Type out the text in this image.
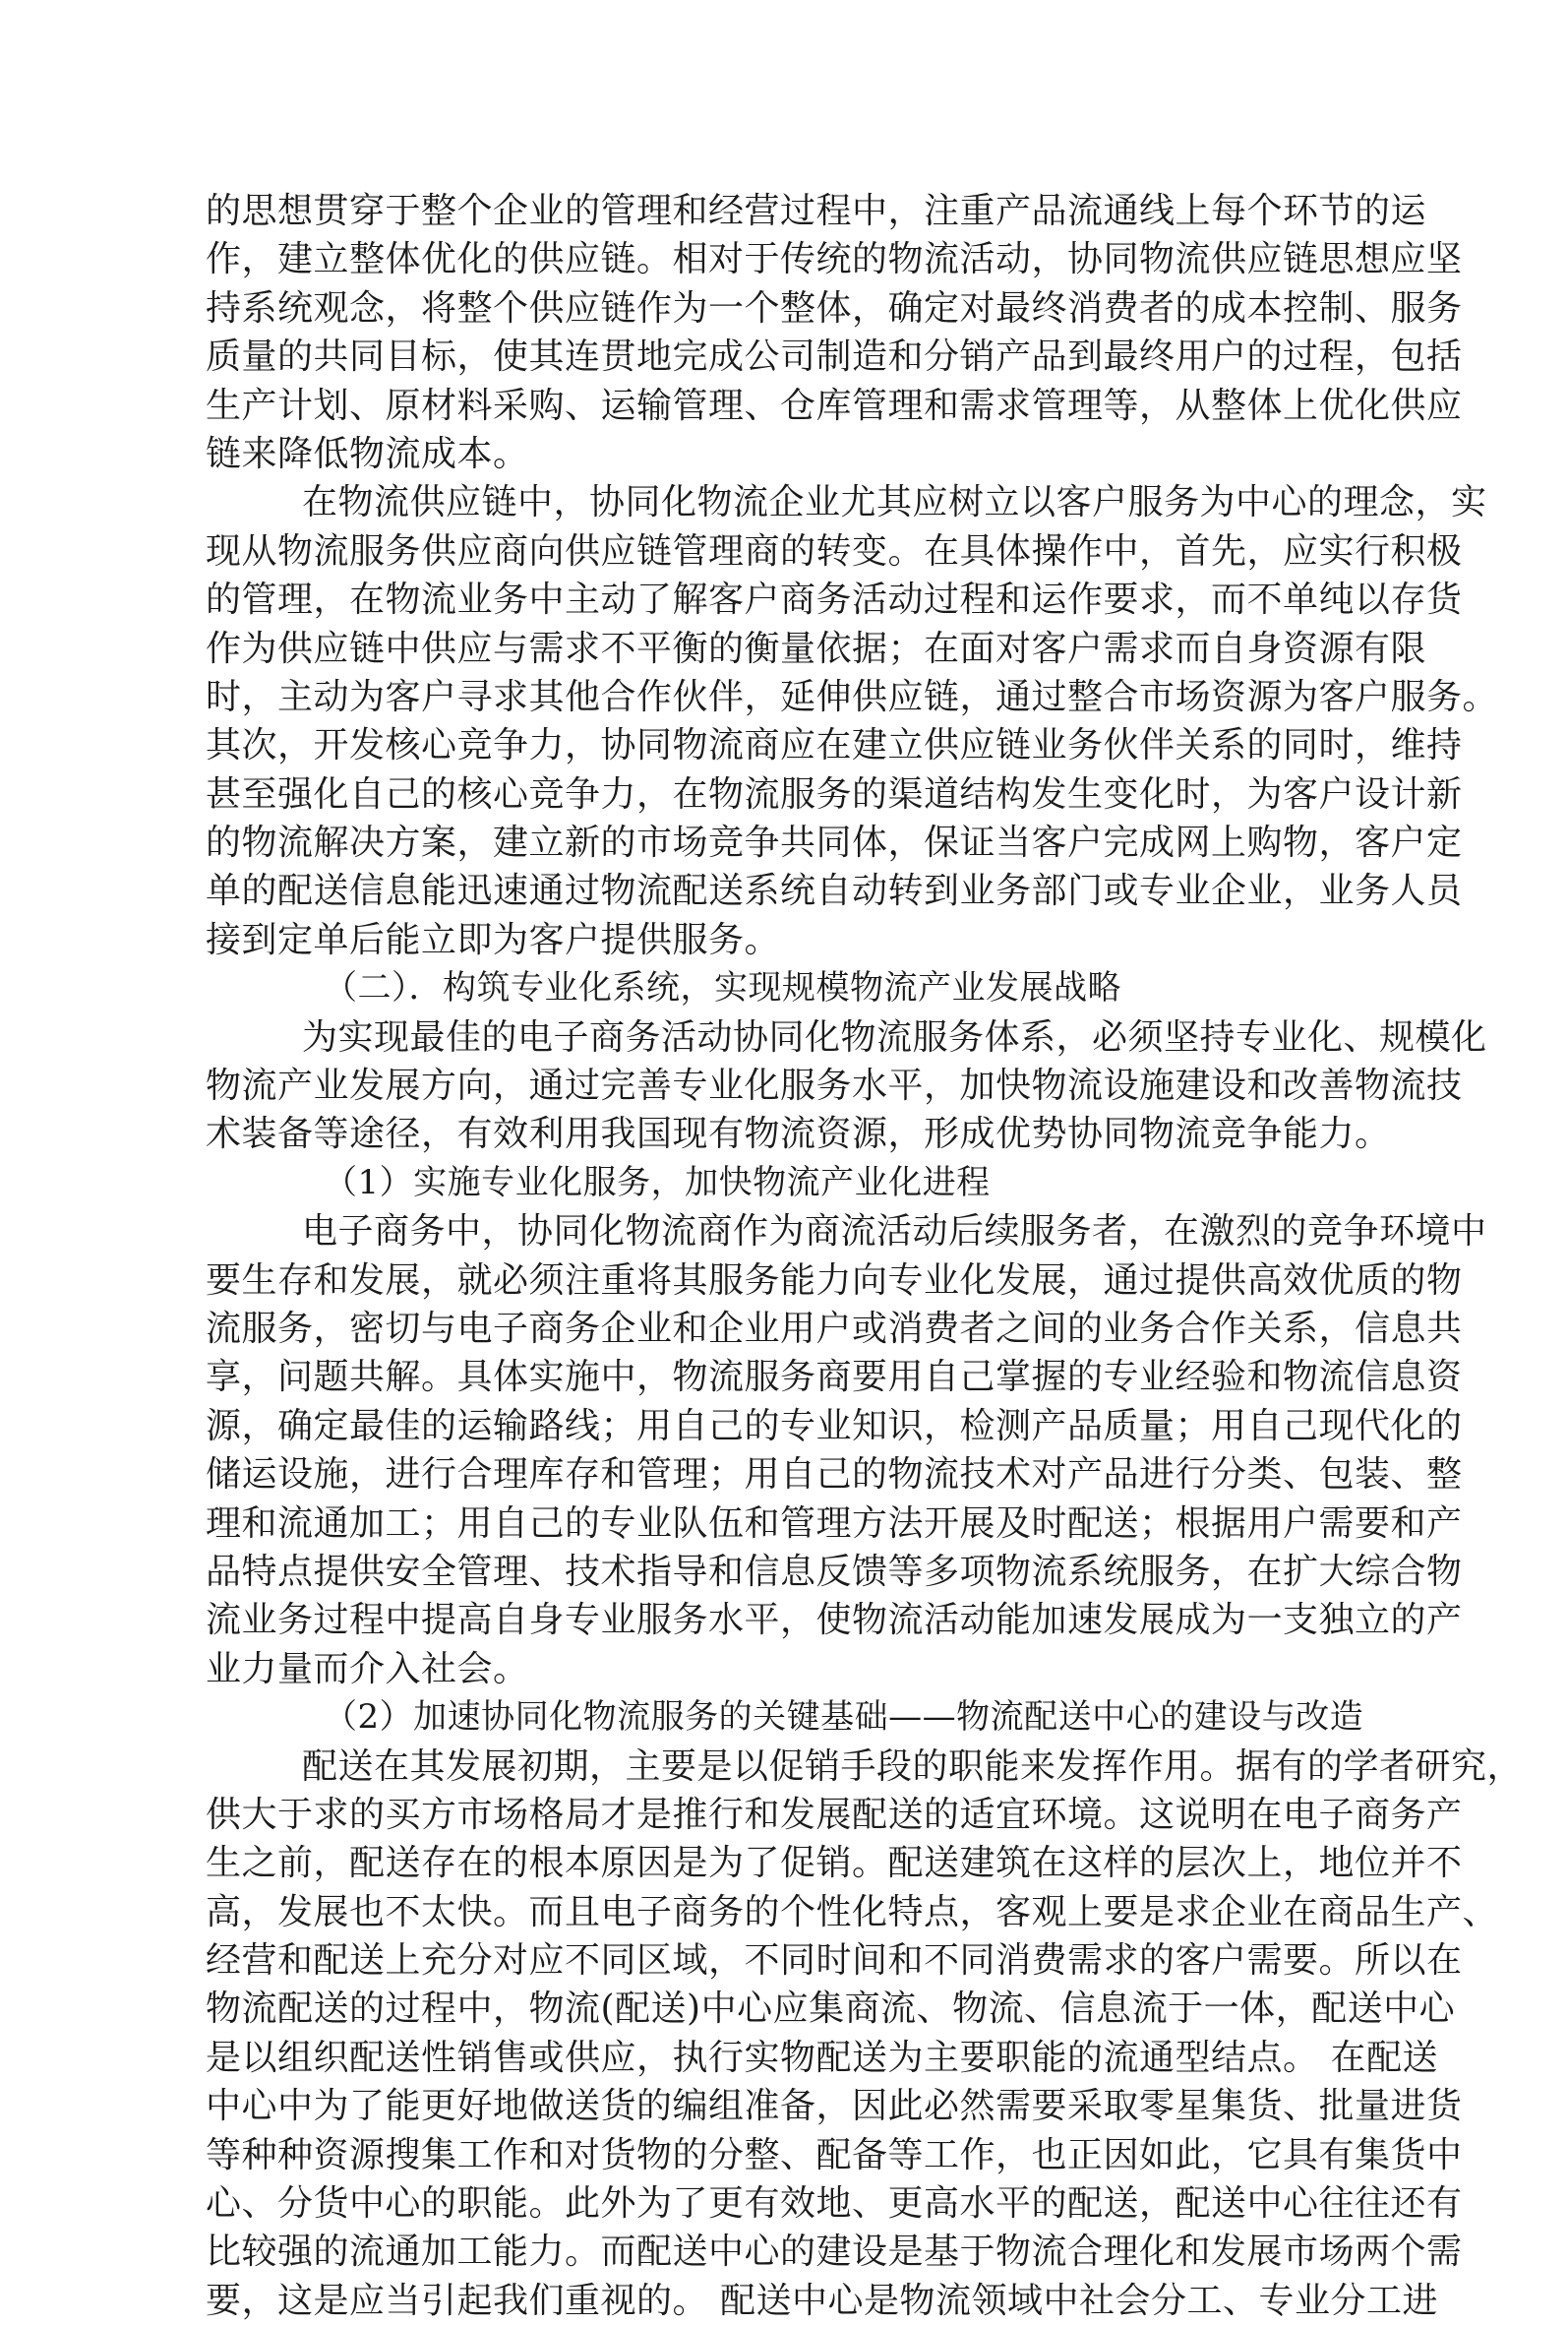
的思想贯穿于整个企业的管理和经营过程中，注重产品流通线上每个环节的运
作，建立整体优化的供应链。相对于传统的物流活动，协同物流供应链思想应坚
持系统观念，将整个供应链作为一个整体，确定对最终消费者的成本控制、服务
质量的共同目标，使其连贯地完成公司制造和分销产品到最终用户的过程，包括
生产计划、原材料采购、运输管理、仓库管理和需求管理等，从整体上优化供应
链来降低物流成本。
在物流供应链中，协同化物流企业尤其应树立以客户服务为中心的理念，实
现从物流服务供应商向供应链管理商的转变。在具体操作中，首先，应实行积极
的管理，在物流业务中主动了解客户商务活动过程和运作要求，而不单纯以存货
作为供应链中供应与需求不平衡的衡量依据；在面对客户需求而自身资源有限
时，主动为客户寻求其他合作伙伴，延伸供应链，通过整合市场资源为客户服务。
其次，开发核心竞争力，协同物流商应在建立供应链业务伙伴关系的同时，维持
甚至强化自己的核心竞争力，在物流服务的渠道结构发生变化时，为客户设计新
的物流解决方案，建立新的市场竞争共同体，保证当客户完成网上购物，客户定
单的配送信息能迅速通过物流配送系统自动转到业务部门或专业企业，业务人员
接到定单后能立即为客户提供服务。
（二）．构筑专业化系统，实现规模物流产业发展战略
为实现最佳的电子商务活动协同化物流服务体系，必须坚持专业化、规模化
物流产业发展方向，通过完善专业化服务水平，加快物流设施建设和改善物流技
术装备等途径，有效利用我国现有物流资源，形成优势协同物流竞争能力。
（1）实施专业化服务，加快物流产业化进程
电子商务中，协同化物流商作为商流活动后续服务者，在激烈的竞争环境中
要生存和发展，就必须注重将其服务能力向专业化发展，通过提供高效优质的物
流服务，密切与电子商务企业和企业用户或消费者之间的业务合作关系，信息共
享，问题共解。具体实施中，物流服务商要用自己掌握的专业经验和物流信息资
源，确定最佳的运输路线；用自己的专业知识，检测产品质量；用自己现代化的
储运设施，进行合理库存和管理；用自己的物流技术对产品进行分类、包装、整
理和流通加工；用自己的专业队伍和管理方法开展及时配送；根据用户需要和产
品特点提供安全管理、技术指导和信息反馈等多项物流系统服务，在扩大综合物
流业务过程中提高自身专业服务水平，使物流活动能加速发展成为一支独立的产
业力量而介入社会。
（2）加速协同化物流服务的关键基础——物流配送中心的建设与改造
配送在其发展初期，主要是以促销手段的职能来发挥作用。据有的学者研究，
供大于求的买方市场格局才是推行和发展配送的适宜环境。这说明在电子商务产
生之前，配送存在的根本原因是为了促销。配送建筑在这样的层次上，地位并不
高，发展也不太快。而且电子商务的个性化特点，客观上要是求企业在商品生产、
经营和配送上充分对应不同区域，不同时间和不同消费需求的客户需要。所以在
物流配送的过程中，物流(配送)中心应集商流、物流、信息流于一体，配送中心
是以组织配送性销售或供应，执行实物配送为主要职能的流通型结点。 在配送
中心中为了能更好地做送货的编组准备，因此必然需要采取零星集货、批量进货
等种种资源搜集工作和对货物的分整、配备等工作，也正因如此，它具有集货中
心、分货中心的职能。此外为了更有效地、更高水平的配送，配送中心往往还有
比较强的流通加工能力。而配送中心的建设是基于物流合理化和发展市场两个需
要，这是应当引起我们重视的。 配送中心是物流领域中社会分工、专业分工进
